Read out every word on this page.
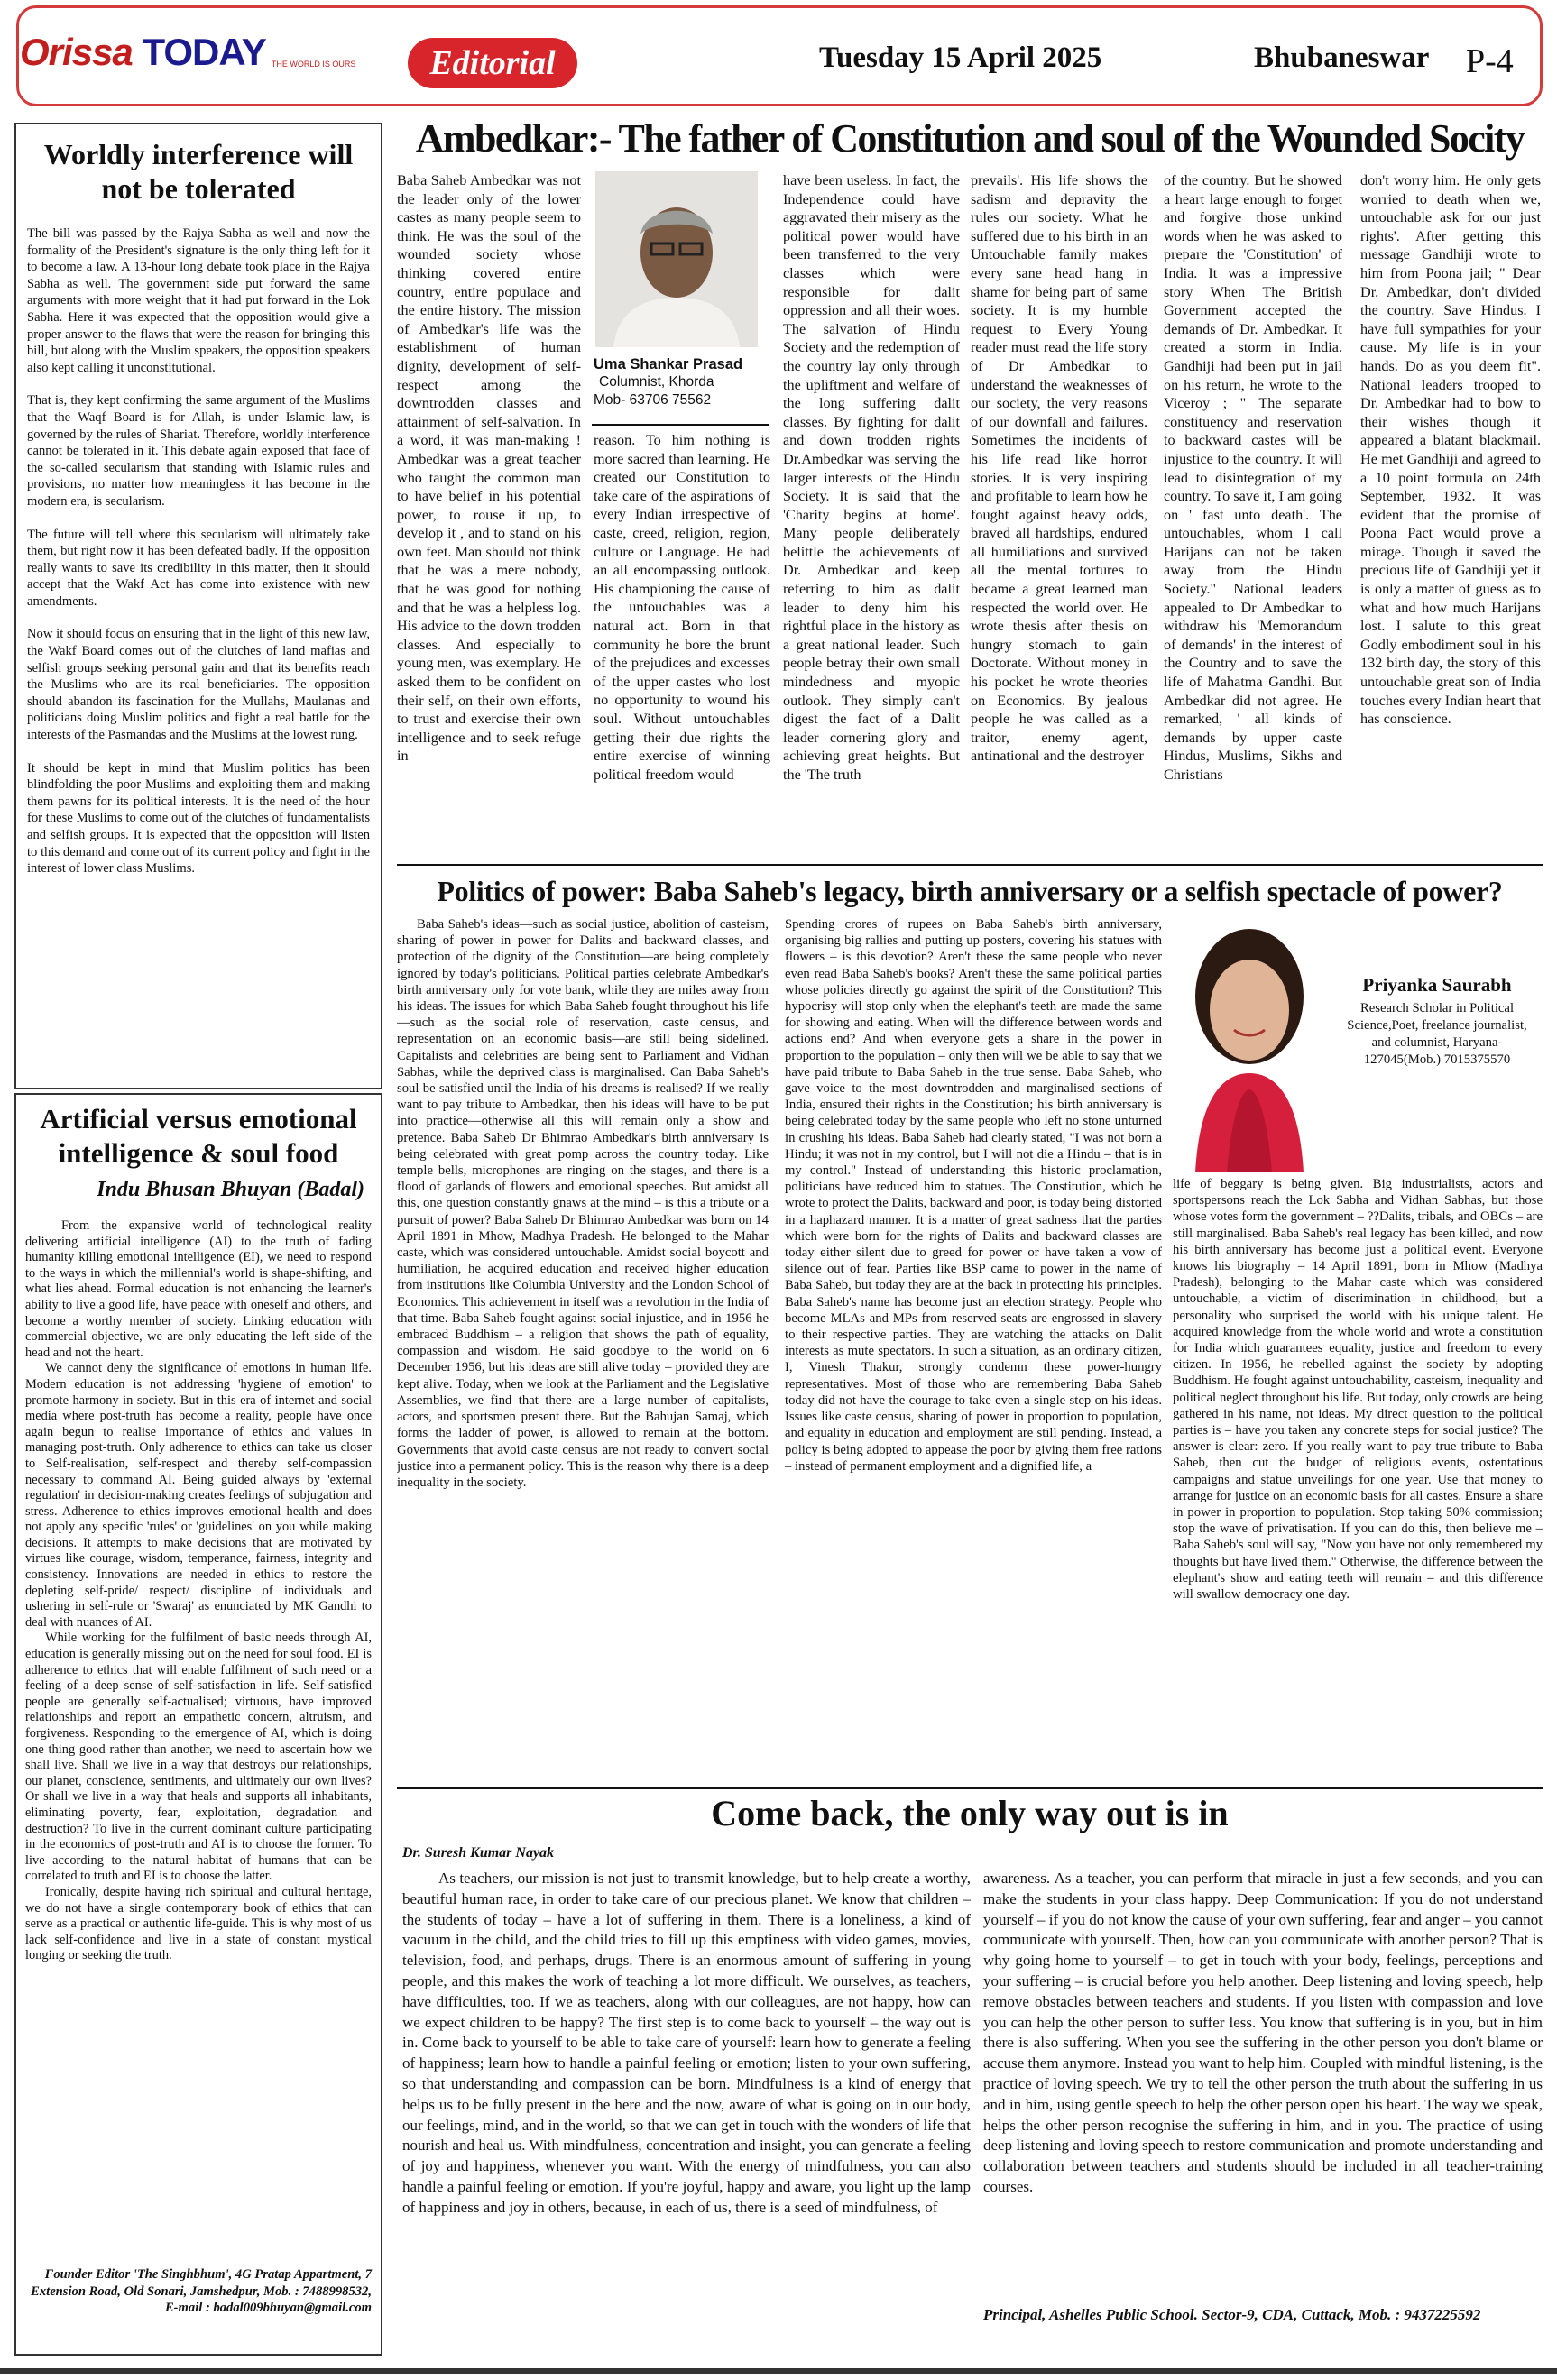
Orissa TODAY THE WORLD IS OURS	Editorial	Tuesday 15 April 2025	Bhubaneswar P-4
Worldly interference will not be tolerated

The bill was passed by the Rajya Sabha as well and now the formality of the President's signature is the only thing left for it to become a law. A 13-hour long debate took place in the Rajya Sabha as well. The government side put forward the same arguments with more weight that it had put forward in the Lok Sabha. Here it was expected that the opposition would give a proper answer to the flaws that were the reason for bringing this bill, but along with the Muslim speakers, the opposition speakers also kept calling it unconstitutional.

That is, they kept confirming the same argument of the Muslims that the Waqf Board is for Allah, is under Islamic law, is governed by the rules of Shariat. Therefore, worldly interference cannot be tolerated in it. This debate again exposed that face of the so-called secularism that standing with Islamic rules and provisions, no matter how meaningless it has become in the modern era, is secularism.

The future will tell where this secularism will ultimately take them, but right now it has been defeated badly. If the opposition really wants to save its credibility in this matter, then it should accept that the Wakf Act has come into existence with new amendments.

Now it should focus on ensuring that in the light of this new law, the Wakf Board comes out of the clutches of land mafias and selfish groups seeking personal gain and that its benefits reach the Muslims who are its real beneficiaries. The opposition should abandon its fascination for the Mullahs, Maulanas and politicians doing Muslim politics and fight a real battle for the interests of the Pasmandas and the Muslims at the lowest rung.

It should be kept in mind that Muslim politics has been blindfolding the poor Muslims and exploiting them and making them pawns for its political interests. It is the need of the hour for these Muslims to come out of the clutches of fundamentalists and selfish groups. It is expected that the opposition will listen to this demand and come out of its current policy and fight in the interest of lower class Muslims.

Artificial versus emotional intelligence & soul food
Indu Bhusan Bhuyan (Badal)

From the expansive world of technological reality delivering artificial intelligence (AI) to the truth of fading humanity killing emotional intelligence (EI), we need to respond to the ways in which the millennial's world is shape-shifting, and what lies ahead. Formal education is not enhancing the learner's ability to live a good life, have peace with oneself and others, and become a worthy member of society. Linking education with commercial objective, we are only educating the left side of the head and not the heart.

We cannot deny the significance of emotions in human life. Modern education is not addressing 'hygiene of emotion' to promote harmony in society. But in this era of internet and social media where post-truth has become a reality, people have once again begun to realise importance of ethics and values in managing post-truth. Only adherence to ethics can take us closer to Self-realisation, self-respect and thereby self-compassion necessary to command AI. Being guided always by 'external regulation' in decision-making creates feelings of subjugation and stress. Adherence to ethics improves emotional health and does not apply any specific 'rules' or 'guidelines' on you while making decisions. It attempts to make decisions that are motivated by virtues like courage, wisdom, temperance, fairness, integrity and consistency. Innovations are needed in ethics to restore the depleting self-pride/ respect/ discipline of individuals and ushering in self-rule or 'Swaraj' as enunciated by MK Gandhi to deal with nuances of AI.

While working for the fulfilment of basic needs through AI, education is generally missing out on the need for soul food. EI is adherence to ethics that will enable fulfilment of such need or a feeling of a deep sense of self-satisfaction in life. Self-satisfied people are generally self-actualised; virtuous, have improved relationships and report an empathetic concern, altruism, and forgiveness. Responding to the emergence of AI, which is doing one thing good rather than another, we need to ascertain how we shall live. Shall we live in a way that destroys our relationships, our planet, conscience, sentiments, and ultimately our own lives? Or shall we live in a way that heals and supports all inhabitants, eliminating poverty, fear, exploitation, degradation and destruction? To live in the current dominant culture participating in the economics of post-truth and AI is to choose the former. To live according to the natural habitat of humans that can be correlated to truth and EI is to choose the latter.

Ironically, despite having rich spiritual and cultural heritage, we do not have a single contemporary book of ethics that can serve as a practical or authentic life-guide. This is why most of us lack self-confidence and live in a state of constant mystical longing or seeking the truth.

Founder Editor 'The Singhbhum', 4G Pratap Appartment, 7 Extension Road, Old Sonari, Jamshedpur, Mob. : 7488998532, E-mail : badal009bhuyan@gmail.com
Ambedkar:- The father of Constitution and soul of the Wounded Socity
Uma Shankar Prasad
Columnist, Khorda
Mob- 63706 75562
Baba Saheb Ambedkar was not the leader only of the lower castes as many people seem to think. He was the soul of the wounded society whose thinking covered entire country, entire populace and the entire history. The mission of Ambedkar's life was the establishment of human dignity, development of self-respect among the downtrodden classes and attainment of self-salvation. In a word, it was man-making ! Ambedkar was a great teacher who taught the common man to have belief in his potential power, to rouse it up, to develop it , and to stand on his own feet. Man should not think that he was a mere nobody, that he was good for nothing and that he was a helpless log. His advice to the down trodden classes. And especially to young men, was exemplary. He asked them to be confident on their self, on their own efforts, to trust and exercise their own intelligence and to seek refuge in
reason. To him nothing is more sacred than learning. He created our Constitution to take care of the aspirations of every Indian irrespective of caste, creed, religion, region, culture or Language. He had an all encompassing outlook. His championing the cause of the untouchables was a natural act. Born in that community he bore the brunt of the prejudices and excesses of the upper castes who lost no opportunity to wound his soul. Without untouchables getting their due rights the entire exercise of winning political freedom would
have been useless. In fact, the Independence could have aggravated their misery as the political power would have been transferred to the very classes which were responsible for dalit oppression and all their woes. The salvation of Hindu Society and the redemption of the country lay only through the upliftment and welfare of the long suffering dalit classes. By fighting for dalit and down trodden rights Dr.Ambedkar was serving the larger interests of the Hindu Society. It is said that the 'Charity begins at home'. Many people deliberately belittle the achievements of Dr. Ambedkar and keep referring to him as dalit leader to deny him his rightful place in the history as a great national leader. Such people betray their own small mindedness and myopic outlook. They simply can't digest the fact of a Dalit leader cornering glory and achieving great heights. But the 'The truth
prevails'. His life shows the sadism and depravity the rules our society. What he suffered due to his birth in an Untouchable family makes every sane head hang in shame for being part of same society. It is my humble request to Every Young reader must read the life story of Dr Ambedkar to understand the weaknesses of our society, the very reasons of our downfall and failures. Sometimes the incidents of his life read like horror stories. It is very inspiring and profitable to learn how he fought against heavy odds, braved all hardships, endured all humiliations and survived all the mental tortures to became a great learned man respected the world over. He wrote thesis after thesis on hungry stomach to gain Doctorate. Without money in his pocket he wrote theories on Economics. By jealous people he was called as a traitor, enemy agent, antinational and the destroyer
of the country. But he showed a heart large enough to forget and forgive those unkind words when he was asked to prepare the 'Constitution' of India. It was a impressive story When The British Government accepted the demands of Dr. Ambedkar. It created a storm in India. Gandhiji had been put in jail on his return, he wrote to the Viceroy ; " The separate constituency and reservation to backward castes will be injustice to the country. It will lead to disintegration of my country. To save it, I am going on ' fast unto death'. The untouchables, whom I call Harijans can not be taken away from the Hindu Society." National leaders appealed to Dr Ambedkar to withdraw his 'Memorandum of demands' in the interest of the Country and to save the life of Mahatma Gandhi. But Ambedkar did not agree. He remarked, ' all kinds of demands by upper caste Hindus, Muslims, Sikhs and Christians
don't worry him. He only gets worried to death when we, untouchable ask for our just rights'. After getting this message Gandhiji wrote to him from Poona jail; " Dear Dr. Ambedkar, don't divided the country. Save Hindus. I have full sympathies for your cause. My life is in your hands. Do as you deem fit". National leaders trooped to Dr. Ambedkar had to bow to their wishes though it appeared a blatant blackmail. He met Gandhiji and agreed to a 10 point formula on 24th September, 1932. It was evident that the promise of Poona Pact would prove a mirage. Though it saved the precious life of Gandhiji yet it is only a matter of guess as to what and how much Harijans lost. I salute to this great Godly embodiment soul in his 132 birth day, the story of this untouchable great son of India touches every Indian heart that has conscience.
Politics of power: Baba Saheb's legacy, birth anniversary or a selfish spectacle of power?
Baba Saheb's ideas—such as social justice, abolition of casteism, sharing of power in power for Dalits and backward classes, and protection of the dignity of the Constitution—are being completely ignored by today's politicians. Political parties celebrate Ambedkar's birth anniversary only for vote bank, while they are miles away from his ideas. The issues for which Baba Saheb fought throughout his life—such as the social role of reservation, caste census, and representation on an economic basis—are still being sidelined. Capitalists and celebrities are being sent to Parliament and Vidhan Sabhas, while the deprived class is marginalised. Can Baba Saheb's soul be satisfied until the India of his dreams is realised? If we really want to pay tribute to Ambedkar, then his ideas will have to be put into practice—otherwise all this will remain only a show and pretence. Baba Saheb Dr Bhimrao Ambedkar's birth anniversary is being celebrated with great pomp across the country today. Like temple bells, microphones are ringing on the stages, and there is a flood of garlands of flowers and emotional speeches. But amidst all this, one question constantly gnaws at the mind – is this a tribute or a pursuit of power? Baba Saheb Dr Bhimrao Ambedkar was born on 14 April 1891 in Mhow, Madhya Pradesh. He belonged to the Mahar caste, which was considered untouchable. Amidst social boycott and humiliation, he acquired education and received higher education from institutions like Columbia University and the London School of Economics. This achievement in itself was a revolution in the India of that time. Baba Saheb fought against social injustice, and in 1956 he embraced Buddhism – a religion that shows the path of equality, compassion and wisdom. He said goodbye to the world on 6 December 1956, but his ideas are still alive today – provided they are kept alive. Today, when we look at the Parliament and the Legislative Assemblies, we find that there are a large number of capitalists, actors, and sportsmen present there. But the Bahujan Samaj, which forms the ladder of power, is allowed to remain at the bottom. Governments that avoid caste census are not ready to convert social justice into a permanent policy. This is the reason why there is a deep inequality in the society.
Spending crores of rupees on Baba Saheb's birth anniversary, organising big rallies and putting up posters, covering his statues with flowers – is this devotion? Aren't these the same people who never even read Baba Saheb's books? Aren't these the same political parties whose policies directly go against the spirit of the Constitution? This hypocrisy will stop only when the elephant's teeth are made the same for showing and eating. When will the difference between words and actions end? And when everyone gets a share in the power in proportion to the population – only then will we be able to say that we have paid tribute to Baba Saheb in the true sense. Baba Saheb, who gave voice to the most downtrodden and marginalised sections of India, ensured their rights in the Constitution; his birth anniversary is being celebrated today by the same people who left no stone unturned in crushing his ideas. Baba Saheb had clearly stated, "I was not born a Hindu; it was not in my control, but I will not die a Hindu – that is in my control." Instead of understanding this historic proclamation, politicians have reduced him to statues. The Constitution, which he wrote to protect the Dalits, backward and poor, is today being distorted in a haphazard manner. It is a matter of great sadness that the parties which were born for the rights of Dalits and backward classes are today either silent due to greed for power or have taken a vow of silence out of fear. Parties like BSP came to power in the name of Baba Saheb, but today they are at the back in protecting his principles. Baba Saheb's name has become just an election strategy. People who become MLAs and MPs from reserved seats are engrossed in slavery to their respective parties. They are watching the attacks on Dalit interests as mute spectators. In such a situation, as an ordinary citizen, I, Vinesh Thakur, strongly condemn these power-hungry representatives. Most of those who are remembering Baba Saheb today did not have the courage to take even a single step on his ideas. Issues like caste census, sharing of power in proportion to population, and equality in education and employment are still pending. Instead, a policy is being adopted to appease the poor by giving them free rations – instead of permanent employment and a dignified life, a
Priyanka Saurabh
Research Scholar in Political Science,Poet, freelance journalist, and columnist, Haryana-127045(Mob.) 7015375570
life of beggary is being given. Big industrialists, actors and sportspersons reach the Lok Sabha and Vidhan Sabhas, but those whose votes form the government – ??Dalits, tribals, and OBCs – are still marginalised. Baba Saheb's real legacy has been killed, and now his birth anniversary has become just a political event. Everyone knows his biography – 14 April 1891, born in Mhow (Madhya Pradesh), belonging to the Mahar caste which was considered untouchable, a victim of discrimination in childhood, but a personality who surprised the world with his unique talent. He acquired knowledge from the whole world and wrote a constitution for India which guarantees equality, justice and freedom to every citizen. In 1956, he rebelled against the society by adopting Buddhism. He fought against untouchability, casteism, inequality and political neglect throughout his life. But today, only crowds are being gathered in his name, not ideas. My direct question to the political parties is – have you taken any concrete steps for social justice? The answer is clear: zero. If you really want to pay true tribute to Baba Saheb, then cut the budget of religious events, ostentatious campaigns and statue unveilings for one year. Use that money to arrange for justice on an economic basis for all castes. Ensure a share in power in proportion to population. Stop taking 50% commission; stop the wave of privatisation. If you can do this, then believe me – Baba Saheb's soul will say, "Now you have not only remembered my thoughts but have lived them." Otherwise, the difference between the elephant's show and eating teeth will remain – and this difference will swallow democracy one day.
Come back, the only way out is in
Dr. Suresh Kumar Nayak
As teachers, our mission is not just to transmit knowledge, but to help create a worthy, beautiful human race, in order to take care of our precious planet. We know that children – the students of today – have a lot of suffering in them. There is a loneliness, a kind of vacuum in the child, and the child tries to fill up this emptiness with video games, movies, television, food, and perhaps, drugs. There is an enormous amount of suffering in young people, and this makes the work of teaching a lot more difficult. We ourselves, as teachers, have difficulties, too. If we as teachers, along with our colleagues, are not happy, how can we expect children to be happy? The first step is to come back to yourself – the way out is in. Come back to yourself to be able to take care of yourself: learn how to generate a feeling of happiness; learn how to handle a painful feeling or emotion; listen to your own suffering, so that understanding and compassion can be born. Mindfulness is a kind of energy that helps us to be fully present in the here and the now, aware of what is going on in our body, our feelings, mind, and in the world, so that we can get in touch with the wonders of life that nourish and heal us. With mindfulness, concentration and insight, you can generate a feeling of joy and happiness, whenever you want. With the energy of mindfulness, you can also handle a painful feeling or emotion. If you're joyful, happy and aware, you light up the lamp of happiness and joy in others, because, in each of us, there is a seed of mindfulness, of
awareness. As a teacher, you can perform that miracle in just a few seconds, and you can make the students in your class happy. Deep Communication: If you do not understand yourself – if you do not know the cause of your own suffering, fear and anger – you cannot communicate with yourself. Then, how can you communicate with another person? That is why going home to yourself – to get in touch with your body, feelings, perceptions and your suffering – is crucial before you help another. Deep listening and loving speech, help remove obstacles between teachers and students. If you listen with compassion and love you can help the other person to suffer less. You know that suffering is in you, but in him there is also suffering. When you see the suffering in the other person you don't blame or accuse them anymore. Instead you want to help him. Coupled with mindful listening, is the practice of loving speech. We try to tell the other person the truth about the suffering in us and in him, using gentle speech to help the other person open his heart. The way we speak, helps the other person recognise the suffering in him, and in you. The practice of using deep listening and loving speech to restore communication and promote understanding and collaboration between teachers and students should be included in all teacher-training courses.
Principal, Ashelles Public School. Sector-9, CDA, Cuttack, Mob. : 9437225592
